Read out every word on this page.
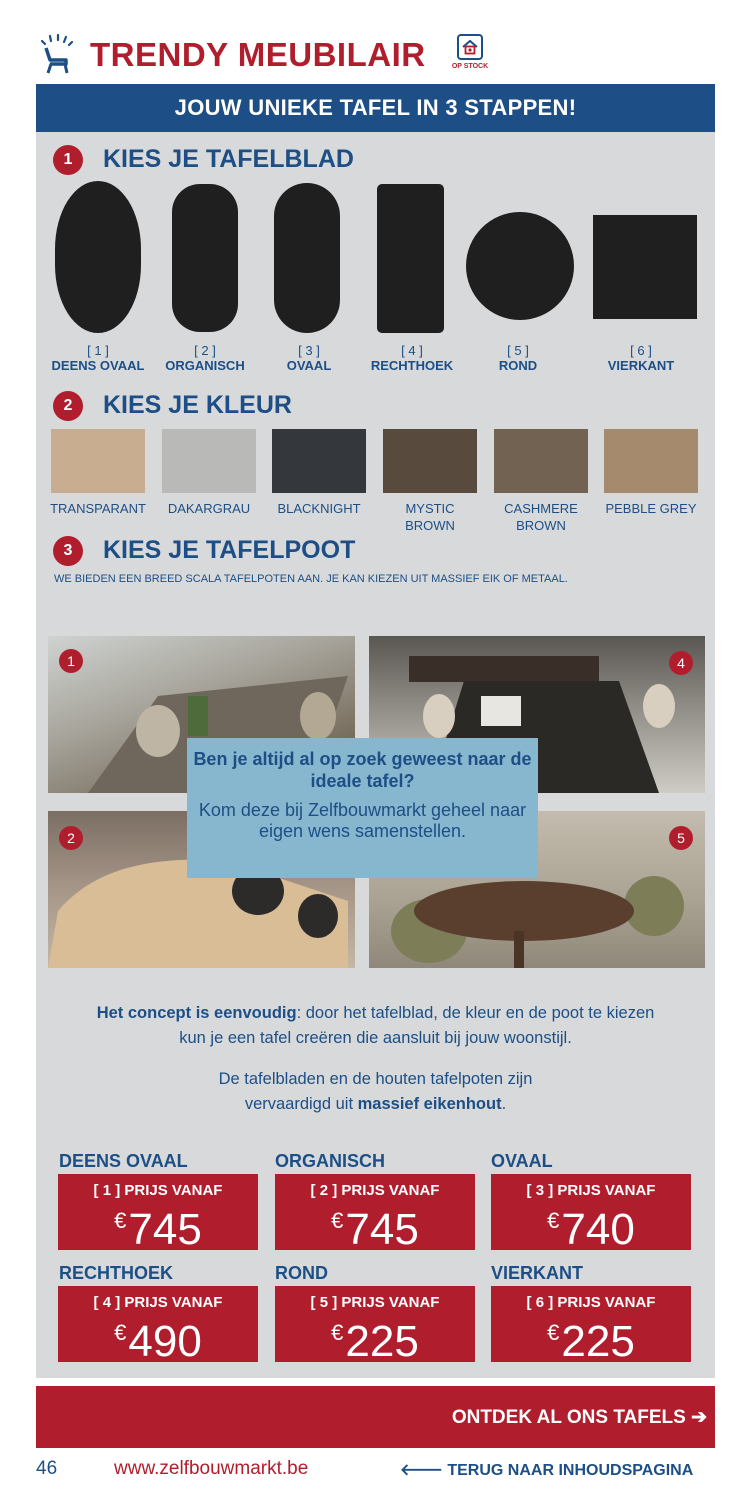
TRENDY MEUBILAIR	OP STOCK
JOUW UNIEKE TAFEL IN 3 STAPPEN!
1	KIES JE TAFELBLAD
[ 1 ]
DEENS OVAAL
[ 2 ]
ORGANISCH
[ 3 ]
OVAAL
[ 4 ]
RECHTHOEK
[ 5 ]
ROND
[ 6 ]
VIERKANT
2	KIES JE KLEUR
TRANSPARANT	DAKARGRAU	BLACKNIGHT	MYSTIC
BROWN
CASHMERE
BROWN
PEBBLE GREY

3	KIES JE TAFELPOOT
WE BIEDEN EEN BREED SCALA TAFELPOTEN AAN. JE KAN KIEZEN UIT MASSIEF EIK OF METAAL.
1	4
2	5
Ben je altijd al op zoek geweest naar de ideale tafel?
Kom deze bij Zelfbouwmarkt geheel naar eigen wens samenstellen.
Het concept is eenvoudig: door het tafelblad, de kleur en de poot te kiezen kun je een tafel creëren die aansluit bij jouw woonstijl.
De tafelbladen en de houten tafelpoten zijn vervaardigd uit massief eikenhout.
DEENS OVAAL	ORGANISCH	OVAAL
[ 1 ] PRIJS VANAF
€745
[ 2 ] PRIJS VANAF
€745
[ 3 ] PRIJS VANAF
€740
RECHTHOEK	ROND	VIERKANT
[ 4 ] PRIJS VANAF
€490
[ 5 ] PRIJS VANAF
€225
[ 6 ] PRIJS VANAF
€225
ONTDEK AL ONS TAFELS ➔
46	www.zelfbouwmarkt.be	🡐 TERUG NAAR INHOUDSPAGINA
